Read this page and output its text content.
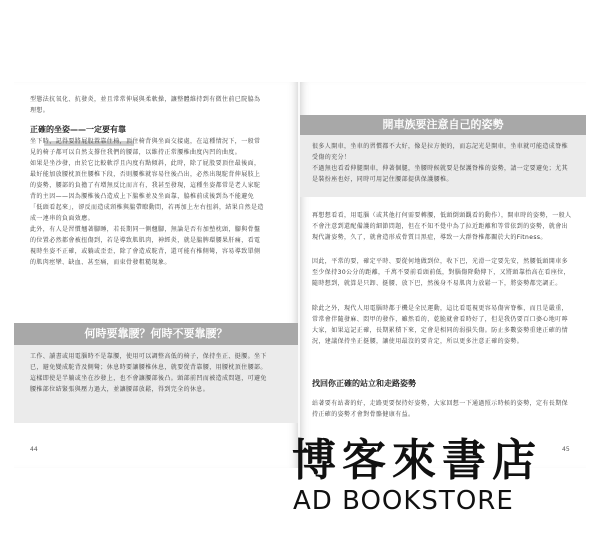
型態法抗氧化、抗發炎，並且常常伸展與柔軟操，讓整體維持到有微住前已院脇為理想。
正確的坐姿——一定要有靠
坐下時，記得要將屁股置靠住椅，頂住椅背與坐面交接處，在這種情況下，一般常見的椅子都可以自然支撐住我們的腰部，以維持正常腰椎曲度內凹的曲度。
如果是坐沙發，由於它比較軟浮且內度有點傾斜，此時，除了屁股要頂住最後面，最好能加放腰枕頂住腰椎下段，否則腰椎就容易往後凸出，必然出現駝背伸展肢上的姿勢，腰部的負擔了有增無反比而言有，我甚至發現，這種坐姿都常是老人家駝背的主因——因為腰椎後凸造成上下脇椎並及坐面靠，脇椎前成後到為不能避免「低頭看起來」，卻反而造成頸椎與脇帶瞭動問，若再加上左右扭斜，結果自然是造成一連串的負面效應。
此外，有人是習慣翹著腳睡，若長期同一側翹腳，無論是否有加墊枕頭，腳與骨盤的位置必然都會被扭傷到，若是導致肌肌肉，神經炎，就是脇脾環腰果肝痛，看電視時坐姿不正確，或躺或歪歪，除了會造成駝背，還可能有椎側彎，容易導致單側的肌肉痙攣、缺血、甚至痛，而束骨發粗糙現象。
何時要靠腰？何時不要靠腰？
工作、讀書或用電腦時不是靠腰，使用可以調整高低的椅子，保持坐正、挺腰。坐下已，避免變成駝背及側彎；休息時要讓腰椎休息，就要從背靠腰，用腰枕頂住腰部。這樣即使是半躺或坐在沙發上，也不會讓腰部後凸。頭部前凹而被造成問題，可避免腰椎部位結緊張與壓力過大，並讓腰部放鬆，得到完全的休息。
44
開車族要注意自己的姿勢
很多人開車，坐車的習慣都不大好，像是拉方便的，而忘記光是開車，坐車就可能造成脊椎受傷的充分！
不過無也看看伸腿開車，伸著個腿，坐腰時候就要是保護脊椎的姿勢，請一定要避免；尤其是裝扮座也好，同時可用記住腰部提供保護腰椎。
再想想看看，用電腦（或其他打何需要轉腰，低頭倒頭觀看的動作），開車時的姿勢，一般人不會注意到還配備護的細節問題，但在不知不覺中為了拉近距離和等常依到的姿勢，就會出現代謝姿勢，久了，就會造形成骨質目黑症，導致一大群脊椎都關於大的Fitness。
因此，平常的要，確定平時、要從何地做到位，收下巴，光滑一定要先安，然腰低頭開車多至少保持30公分的距離，千萬不要前看頭前低，對腦傷降動傳下，又將頭靠抬高在看座位，隨時想到，就算是只卸、挺腰、放下巴，然後身不易肌肉力放鬆一下，將姿勢都完調正。
除此之外，現代人用電腦時都于機是全民運動，這比看電視更容易傷害脊椎，而且是嚴重，常常會伴隨發麻、悶甲的發作，雖然看的，乾脆就會看時好了，但是我仍要百口婆心地叮嚀大家，如果這記正確，長期累積下來，定會是相同的弱損失傷。防止多數姿勢重建正確的情況，建議保持坐正挺腰，讓使用最沒的要肯定，所以更多注意正確的姿勢。
找回你正確的站立和走路姿勢
站著要有站著的好，走路更要保持好姿勢，大家回想一下通過照示時候的姿勢，定有長期保持正確的姿勢才會對骨骼健康有益。
45
博客來書店
AD BOOKSTORE
